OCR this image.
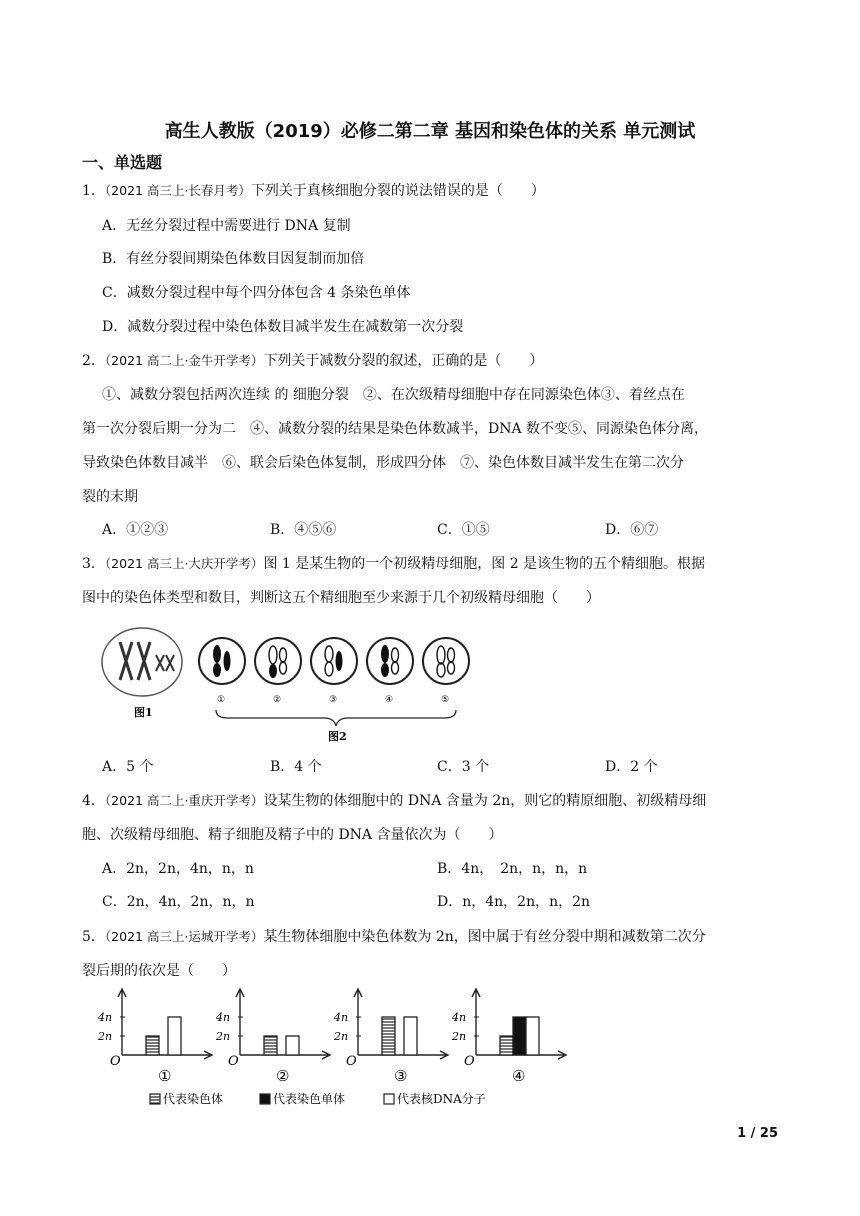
高生人教版（2019）必修二第二章 基因和染色体的关系 单元测试
一、单选题
1．（2021 高三上·长春月考）下列关于真核细胞分裂的说法错误的是（　　）
A．无丝分裂过程中需要进行 DNA 复制
B．有丝分裂间期染色体数目因复制而加倍
C．减数分裂过程中每个四分体包含 4 条染色单体
D．减数分裂过程中染色体数目减半发生在减数第一次分裂
2．（2021 高二上·金牛开学考）下列关于减数分裂的叙述，正确的是（　　）
①、减数分裂包括两次连续 的 细胞分裂　②、在次级精母细胞中存在同源染色体③、着丝点在
第一次分裂后期一分为二　④、减数分裂的结果是染色体数减半，DNA 数不变⑤、同源染色体分离，
导致染色体数目减半　⑥、联会后染色体复制，形成四分体　⑦、染色体数目减半发生在第二次分
裂的末期
A．①②③	B．④⑤⑥	C．①⑤	D．⑥⑦
3．（2021 高三上·大庆开学考）图 1 是某生物的一个初级精母细胞，图 2 是该生物的五个精细胞。根据
图中的染色体类型和数目，判断这五个精细胞至少来源于几个初级精母细胞（　　）
图1
①	②	③	④	⑤
图2
A．5 个	B．4 个	C．3 个	D．2 个
4．（2021 高二上·重庆开学考）设某生物的体细胞中的 DNA 含量为 2n，则它的精原细胞、初级精母细
胞、次级精母细胞、精子细胞及精子中的 DNA 含量依次为（　　）
A．2n，2n，4n，n，n	B．4n，　2n，n，n，n
C．2n，4n，2n，n，n	D．n，4n，2n，n，2n
5．（2021 高三上·运城开学考）某生物体细胞中染色体数为 2n，图中属于有丝分裂中期和减数第二次分
裂后期的依次是（　　）
4n
2n
O
①
4n
2n
O
②
4n
2n
O
③
4n
2n
O
④
代表染色体	代表染色单体	代表核DNA分子
1 / 25
